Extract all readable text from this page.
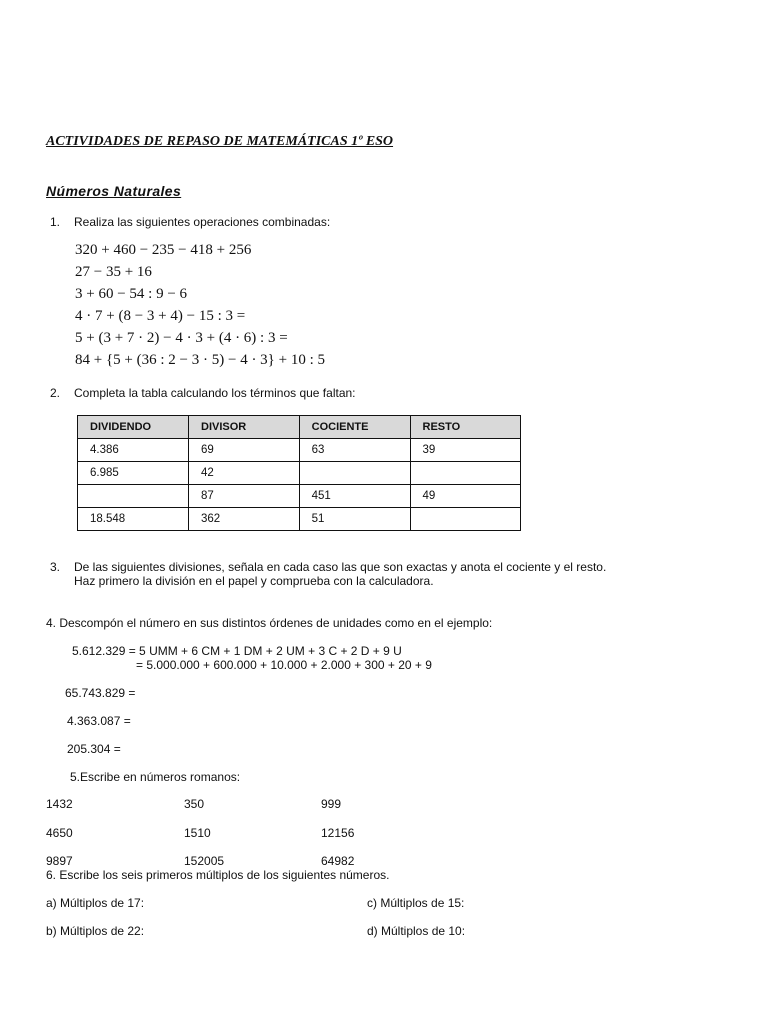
ACTIVIDADES DE REPASO DE MATEMÁTICAS 1º ESO
Números Naturales
1. Realiza las siguientes operaciones combinadas:
320 + 460 − 235 − 418 + 256
27 − 35 + 16
3 + 60 − 54 : 9 − 6
4 · 7 + (8 − 3 + 4) − 15 : 3 =
5 + (3 + 7 · 2) − 4 · 3 + (4 · 6) : 3 =
84 + {5 + (36 : 2 − 3 · 5) − 4 · 3} + 10 : 5
2. Completa la tabla calculando los términos que faltan:
DIVIDENDO	DIVISOR	COCIENTE	RESTO
4.386	69	63	39
6.985	42		
	87	451	49
18.548	362	51	
3. De las siguientes divisiones, señala en cada caso las que son exactas y anota el cociente y el resto.
Haz primero la división en el papel y comprueba con la calculadora.
4. Descompón el número en sus distintos órdenes de unidades como en el ejemplo:
5.612.329 = 5 UMM + 6 CM + 1 DM + 2 UM + 3 C + 2 D + 9 U
= 5.000.000 + 600.000 + 10.000 + 2.000 + 300 + 20 + 9
65.743.829 =
4.363.087 =
205.304 =
5.Escribe en números romanos:
1432	350	999
4650	1510	12156
9897	152005	64982
6. Escribe los seis primeros múltiplos de los siguientes números.
a) Múltiplos de 17:	c) Múltiplos de 15:
b) Múltiplos de 22:	d) Múltiplos de 10:
